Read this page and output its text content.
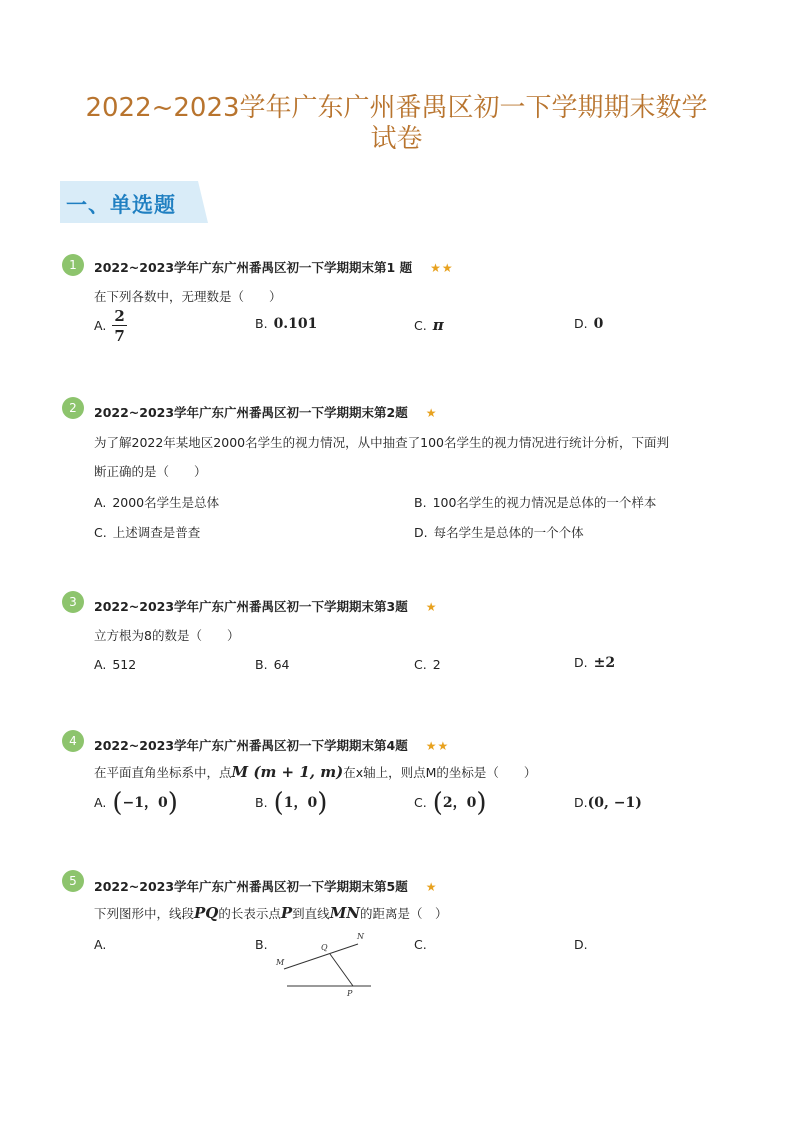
2022~2023学年广东广州番禺区初一下学期期末数学
试卷
一、单选题
1	2022~2023学年广东广州番禺区初一下学期期末第1 题 ★★
在下列各数中，无理数是（　　）
A. $\frac{2}{7}$	B. 0.101	C. π	D. 0
2	2022~2023学年广东广州番禺区初一下学期期末第2题 ★
为了解2022年某地区2000名学生的视力情况，从中抽查了100名学生的视力情况进行统计分析，下面判
断正确的是（　　）
A. 2000名学生是总体	B. 100名学生的视力情况是总体的一个样本
C. 上述调查是普查	D. 每名学生是总体的一个个体
3	2022~2023学年广东广州番禺区初一下学期期末第3题 ★
立方根为8的数是（　　）
A. 512	B. 64	C. 2	D. ±2
4	2022~2023学年广东广州番禺区初一下学期期末第4题 ★★
在平面直角坐标系中，点M (m + 1, m)在x轴上，则点M的坐标是（　　）
A. (−1，0)	B. (1，0)	C. (2，0)	D.(0, −1)
5	2022~2023学年广东广州番禺区初一下学期期末第5题 ★
下列图形中，线段PQ的长表示点P到直线MN的距离是（　）
A.	B.	C.	D.
Q
N
M
P
